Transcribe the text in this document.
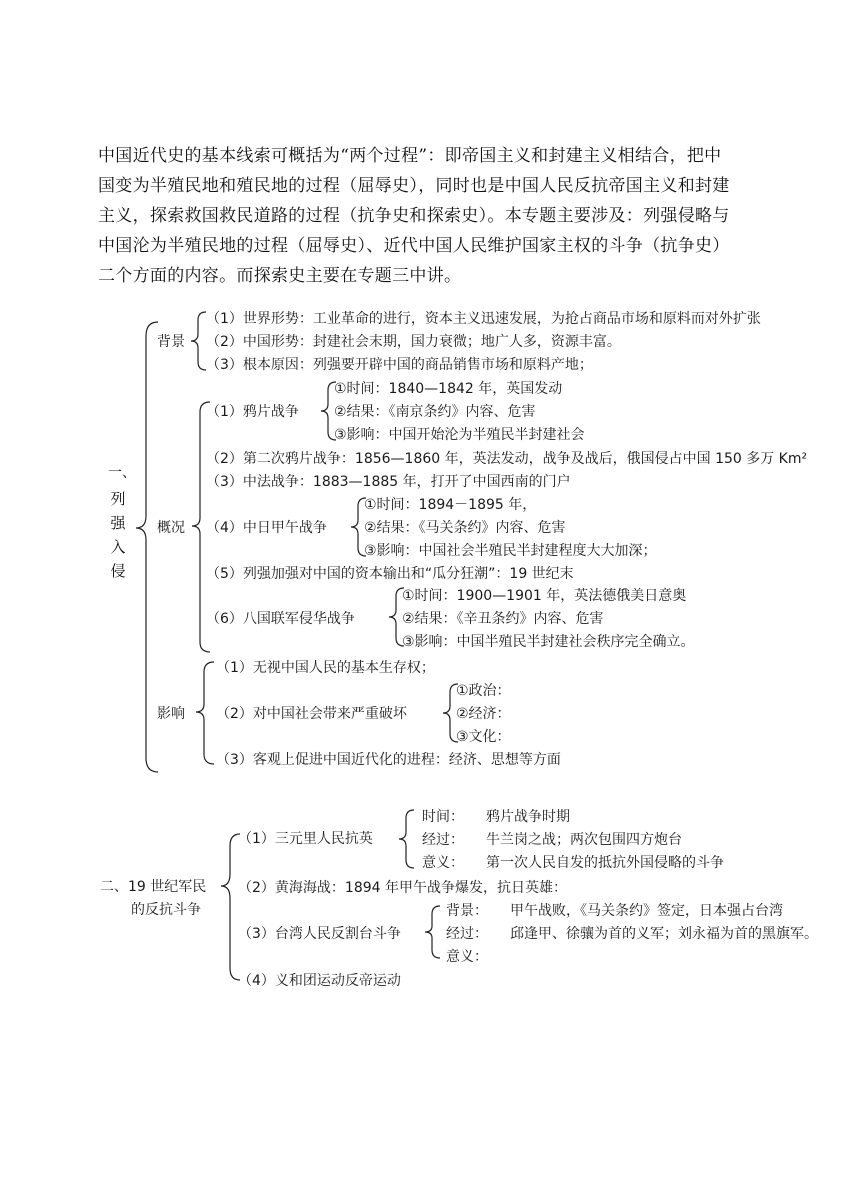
中国近代史的基本线索可概括为“两个过程”：即帝国主义和封建主义相结合，把中
国变为半殖民地和殖民地的过程（屈辱史），同时也是中国人民反抗帝国主义和封建
主义，探索救国救民道路的过程（抗争史和探索史）。本专题主要涉及：列强侵略与
中国沦为半殖民地的过程（屈辱史）、近代中国人民维护国家主权的斗争（抗争史）
二个方面的内容。而探索史主要在专题三中讲。
一、
列
强
入
侵
背景
（1）世界形势：工业革命的进行，资本主义迅速发展，为抢占商品市场和原料而对外扩张
（2）中国形势：封建社会末期，国力衰微；地广人多，资源丰富。
（3）根本原因：列强要开辟中国的商品销售市场和原料产地；
概况
（1）鸦片战争
①时间：1840—1842 年，英国发动
②结果：《南京条约》内容、危害
③影响：中国开始沦为半殖民半封建社会
（2）第二次鸦片战争：1856—1860 年，英法发动，战争及战后，俄国侵占中国 150 多万 Km²
（3）中法战争：1883—1885 年，打开了中国西南的门户
（4）中日甲午战争
①时间：1894－1895 年，
②结果：《马关条约》内容、危害
③影响：中国社会半殖民半封建程度大大加深；
（5）列强加强对中国的资本输出和“瓜分狂潮”：19 世纪末
（6）八国联军侵华战争
①时间：1900—1901 年，英法德俄美日意奥
②结果：《辛丑条约》内容、危害
③影响：中国半殖民半封建社会秩序完全确立。
影响
（1）无视中国人民的基本生存权；
（2）对中国社会带来严重破坏
①政治：
②经济：
③文化：
（3）客观上促进中国近代化的进程：经济、思想等方面
二、19 世纪军民
的反抗斗争
（1）三元里人民抗英
时间： 鸦片战争时期
经过： 牛兰岗之战；两次包围四方炮台
意义： 第一次人民自发的抵抗外国侵略的斗争
（2）黄海海战：1894 年甲午战争爆发，抗日英雄：
（3）台湾人民反割台斗争
背景： 甲午战败，《马关条约》签定，日本强占台湾
经过： 邱逢甲、徐骧为首的义军；刘永福为首的黑旗军。
意义：
（4）义和团运动反帝运动
